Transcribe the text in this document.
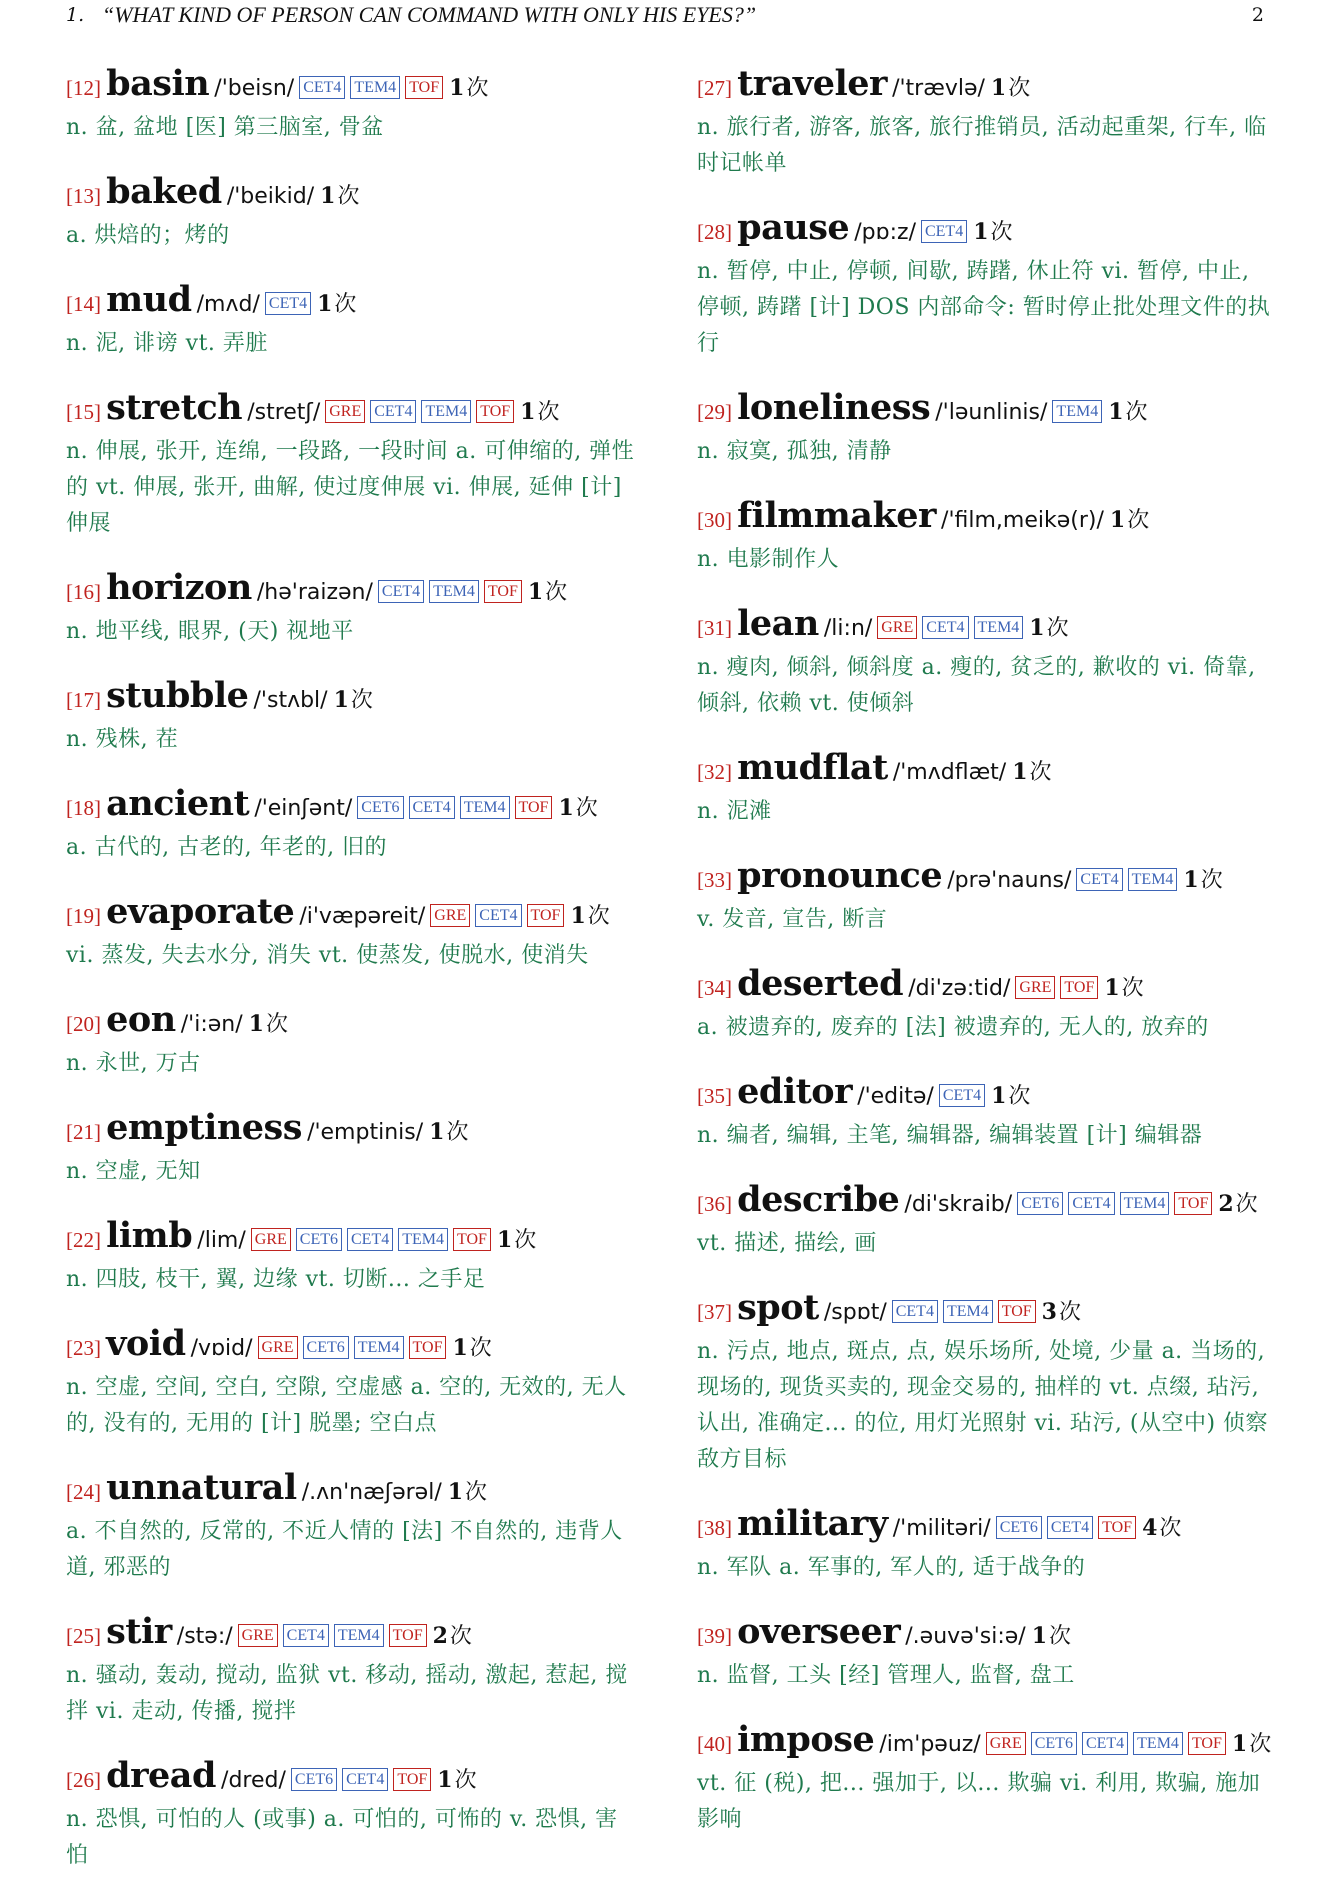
1. “WHAT KIND OF PERSON CAN COMMAND WITH ONLY HIS EYES?”	2
[12] basin /'beisn/ CET4 TEM4 TOF 1次
n. 盆, 盆地 [医] 第三脑室, 骨盆
[13] baked /'beikid/ 1次
a. 烘焙的；烤的
[14] mud /mʌd/ CET4 1次
n. 泥, 诽谤 vt. 弄脏
[15] stretch /stretʃ/ GRE CET4 TEM4 TOF 1次
n. 伸展, 张开, 连绵, 一段路, 一段时间 a. 可伸缩的, 弹性的 vt. 伸展, 张开, 曲解, 使过度伸展 vi. 伸展, 延伸 [计] 伸展
[16] horizon /hə'raizən/ CET4 TEM4 TOF 1次
n. 地平线, 眼界, (天) 视地平
[17] stubble /'stʌbl/ 1次
n. 残株, 茬
[18] ancient /'einʃənt/ CET6 CET4 TEM4 TOF 1次
a. 古代的, 古老的, 年老的, 旧的
[19] evaporate /i'væpəreit/ GRE CET4 TOF 1次
vi. 蒸发, 失去水分, 消失 vt. 使蒸发, 使脱水, 使消失
[20] eon /'i:ən/ 1次
n. 永世, 万古
[21] emptiness /'emptinis/ 1次
n. 空虚, 无知
[22] limb /lim/ GRE CET6 CET4 TEM4 TOF 1次
n. 四肢, 枝干, 翼, 边缘 vt. 切断... 之手足
[23] void /vɒid/ GRE CET6 TEM4 TOF 1次
n. 空虚, 空间, 空白, 空隙, 空虚感 a. 空的, 无效的, 无人的, 没有的, 无用的 [计] 脱墨; 空白点
[24] unnatural /.ʌn'næʃərəl/ 1次
a. 不自然的, 反常的, 不近人情的 [法] 不自然的, 违背人道, 邪恶的
[25] stir /stə:/ GRE CET4 TEM4 TOF 2次
n. 骚动, 轰动, 搅动, 监狱 vt. 移动, 摇动, 激起, 惹起, 搅拌 vi. 走动, 传播, 搅拌
[26] dread /dred/ CET6 CET4 TOF 1次
n. 恐惧, 可怕的人 (或事) a. 可怕的, 可怖的 v. 恐惧, 害怕
[27] traveler /'trævlə/ 1次
n. 旅行者, 游客, 旅客, 旅行推销员, 活动起重架, 行车, 临时记帐单
[28] pause /pɒ:z/ CET4 1次
n. 暂停, 中止, 停顿, 间歇, 踌躇, 休止符 vi. 暂停, 中止, 停顿, 踌躇 [计] DOS 内部命令: 暂时停止批处理文件的执行
[29] loneliness /'ləunlinis/ TEM4 1次
n. 寂寞, 孤独, 清静
[30] filmmaker /'film,meikə(r)/ 1次
n. 电影制作人
[31] lean /li:n/ GRE CET4 TEM4 1次
n. 瘦肉, 倾斜, 倾斜度 a. 瘦的, 贫乏的, 歉收的 vi. 倚靠, 倾斜, 依赖 vt. 使倾斜
[32] mudflat /'mʌdflæt/ 1次
n. 泥滩
[33] pronounce /prə'nauns/ CET4 TEM4 1次
v. 发音, 宣告, 断言
[34] deserted /di'zə:tid/ GRE TOF 1次
a. 被遗弃的, 废弃的 [法] 被遗弃的, 无人的, 放弃的
[35] editor /'editə/ CET4 1次
n. 编者, 编辑, 主笔, 编辑器, 编辑装置 [计] 编辑器
[36] describe /di'skraib/ CET6 CET4 TEM4 TOF 2次
vt. 描述, 描绘, 画
[37] spot /spɒt/ CET4 TEM4 TOF 3次
n. 污点, 地点, 斑点, 点, 娱乐场所, 处境, 少量 a. 当场的, 现场的, 现货买卖的, 现金交易的, 抽样的 vt. 点缀, 玷污, 认出, 准确定... 的位, 用灯光照射 vi. 玷污, (从空中) 侦察敌方目标
[38] military /'militəri/ CET6 CET4 TOF 4次
n. 军队 a. 军事的, 军人的, 适于战争的
[39] overseer /.əuvə'si:ə/ 1次
n. 监督, 工头 [经] 管理人, 监督, 盘工
[40] impose /im'pəuz/ GRE CET6 CET4 TEM4 TOF 1次
vt. 征 (税), 把... 强加于, 以... 欺骗 vi. 利用, 欺骗, 施加影响
